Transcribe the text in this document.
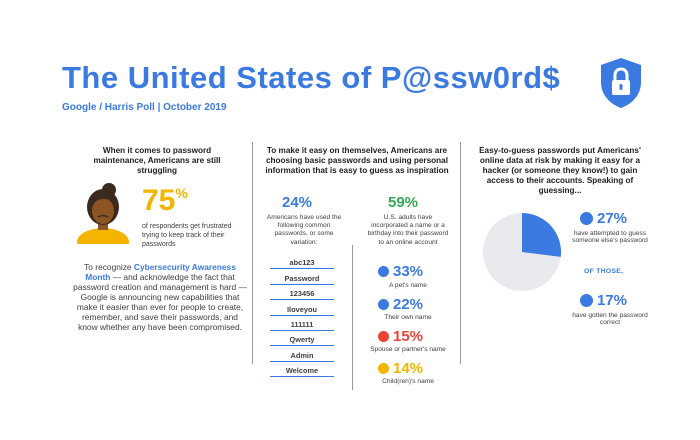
The United States of P@ssw0rd$
Google / Harris Poll | October 2019
When it comes to password maintenance, Americans are still struggling
75%
of respondents get frustrated trying to keep track of their passwords
To recognize Cybersecurity Awareness Month — and acknowledge the fact that password creation and management is hard — Google is announcing new capabilities that make it easier than ever for people to create, remember, and save their passwords, and know whether any have been compromised.
To make it easy on themselves, Americans are choosing basic passwords and using personal information that is easy to guess as inspiration
24%
Americans have used the following common passwords, or some variation:
abc123
Password
123456
Iloveyou
111111
Qwerty
Admin
Welcome
59%
U.S. adults have incorporated a name or a birthday into their password to an online account
33%
A pet's name
22%
Their own name
15%
Spouse or partner's name
14%
Child(ren)'s name
Easy-to-guess passwords put Americans' online data at risk by making it easy for a hacker (or someone they know!) to gain access to their accounts. Speaking of guessing...
27%
have attempted to guess someone else's password
OF THOSE,
17%
have gotten the password correct
